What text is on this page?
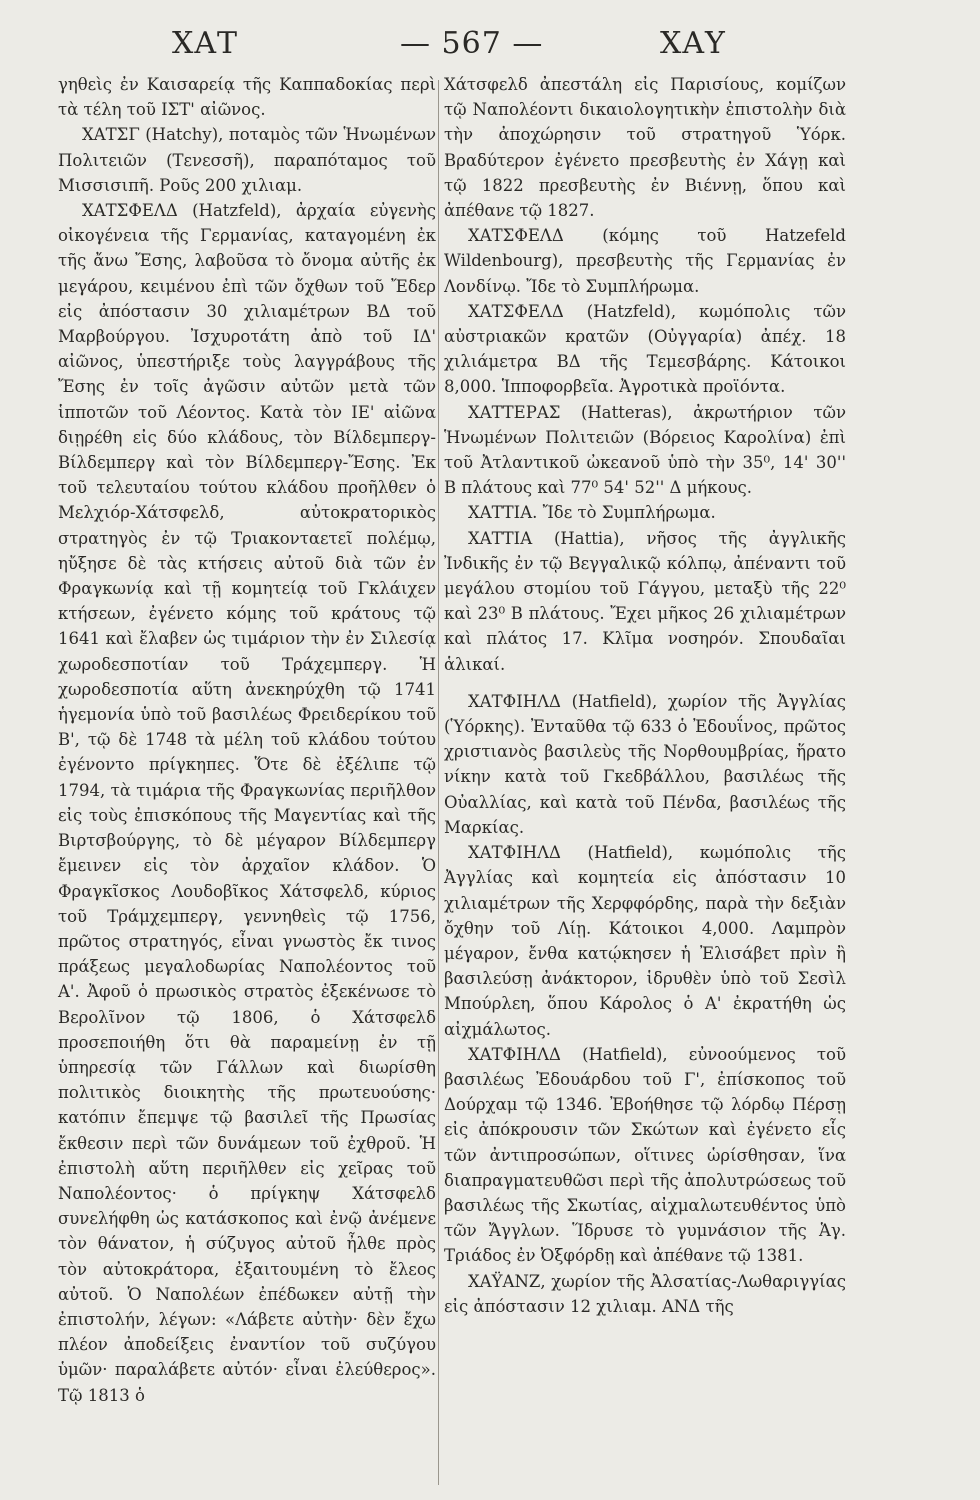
ΧΑΤ	— 567 —	ΧΑΥ

γηθεὶς ἐν Καισαρείᾳ τῆς Καππαδοκίας περὶ τὰ τέλη τοῦ ΙΣΤ' αἰῶνος.

ΧΑΤΣΓ (Hatchy), ποταμὸς τῶν Ἡνωμένων Πολιτειῶν (Τενεσσῆ), παραπόταμος τοῦ Μισσισιπῆ. Ροῦς 200 χιλιαμ.

ΧΑΤΣΦΕΛΔ (Hatzfeld), ἀρχαία εὐγενὴς οἰκογένεια τῆς Γερμανίας, καταγομένη ἐκ τῆς ἄνω Ἔσης, λαβοῦσα τὸ ὄνομα αὐτῆς ἐκ μεγάρου, κειμένου ἐπὶ τῶν ὄχθων τοῦ Ἔδερ εἰς ἀπόστασιν 30 χιλιαμέτρων ΒΔ τοῦ Μαρβούργου. Ἰσχυροτάτη ἀπὸ τοῦ ΙΔ' αἰῶνος, ὑπεστήριξε τοὺς λαγγράβους τῆς Ἔσης ἐν τοῖς ἀγῶσιν αὐτῶν μετὰ τῶν ἱπποτῶν τοῦ Λέοντος. Κατὰ τὸν ΙΕ' αἰῶνα διῃρέθη εἰς δύο κλάδους, τὸν Βίλδεμπεργ-Βίλδεμπεργ καὶ τὸν Βίλδεμπεργ-Ἔσης. Ἐκ τοῦ τελευταίου τούτου κλάδου προῆλθεν ὁ Μελχιόρ-Χάτσφελδ, αὐτοκρατορικὸς στρατηγὸς ἐν τῷ Τριακονταετεῖ πολέμῳ, ηὔξησε δὲ τὰς κτήσεις αὐτοῦ διὰ τῶν ἐν Φραγκωνίᾳ καὶ τῇ κομητείᾳ τοῦ Γκλάιχεν κτήσεων, ἐγένετο κόμης τοῦ κράτους τῷ 1641 καὶ ἔλαβεν ὡς τιμάριον τὴν ἐν Σιλεσίᾳ χωροδεσποτίαν τοῦ Τράχεμπεργ. Ἡ χωροδεσποτία αὕτη ἀνεκηρύχθη τῷ 1741 ἡγεμονία ὑπὸ τοῦ βασιλέως Φρειδερίκου τοῦ Β', τῷ δὲ 1748 τὰ μέλη τοῦ κλάδου τούτου ἐγένοντο πρίγκηπες. Ὅτε δὲ ἐξέλιπε τῷ 1794, τὰ τιμάρια τῆς Φραγκωνίας περιῆλθον εἰς τοὺς ἐπισκόπους τῆς Μαγεντίας καὶ τῆς Βιρτσβούργης, τὸ δὲ μέγαρον Βίλδεμπεργ ἔμεινεν εἰς τὸν ἀρχαῖον κλάδον. Ὁ Φραγκῖσκος Λουδοβῖκος Χάτσφελδ, κύριος τοῦ Τράμχεμπεργ, γεννηθεὶς τῷ 1756, πρῶτος στρατηγός, εἶναι γνωστὸς ἔκ τινος πράξεως μεγαλοδωρίας Ναπολέοντος τοῦ Α'. Ἀφοῦ ὁ πρωσικὸς στρατὸς ἐξεκένωσε τὸ Βερολῖνον τῷ 1806, ὁ Χάτσφελδ προσεποιήθη ὅτι θὰ παραμείνῃ ἐν τῇ ὑπηρεσίᾳ τῶν Γάλλων καὶ διωρίσθη πολιτικὸς διοικητὴς τῆς πρωτευούσης· κατόπιν ἔπεμψε τῷ βασιλεῖ τῆς Πρωσίας ἔκθεσιν περὶ τῶν δυνάμεων τοῦ ἐχθροῦ. Ἡ ἐπιστολὴ αὕτη περιῆλθεν εἰς χεῖρας τοῦ Ναπολέοντος· ὁ πρίγκηψ Χάτσφελδ συνελήφθη ὡς κατάσκοπος καὶ ἐνῷ ἀνέμενε τὸν θάνατον, ἡ σύζυγος αὐτοῦ ἦλθε πρὸς τὸν αὐτοκράτορα, ἐξαιτουμένη τὸ ἔλεος αὐτοῦ. Ὁ Ναπολέων ἐπέδωκεν αὐτῇ τὴν ἐπιστολήν, λέγων: «Λάβετε αὐτὴν· δὲν ἔχω πλέον ἀποδείξεις ἐναντίον τοῦ συζύγου ὑμῶν· παραλάβετε αὐτόν· εἶναι ἐλεύθερος». Τῷ 1813 ὁ

Χάτσφελδ ἀπεστάλη εἰς Παρισίους, κομίζων τῷ Ναπολέοντι δικαιολογητικὴν ἐπιστολὴν διὰ τὴν ἀποχώρησιν τοῦ στρατηγοῦ Ὑόρκ. Βραδύτερον ἐγένετο πρεσβευτὴς ἐν Χάγῃ καὶ τῷ 1822 πρεσβευτὴς ἐν Βιέννῃ, ὅπου καὶ ἀπέθανε τῷ 1827.

ΧΑΤΣΦΕΛΔ (κόμης τοῦ Hatzefeld Wildenbourg), πρεσβευτὴς τῆς Γερμανίας ἐν Λονδίνῳ. Ἴδε τὸ Συμπλήρωμα.

ΧΑΤΣΦΕΛΔ (Hatzfeld), κωμόπολις τῶν αὐστριακῶν κρατῶν (Οὐγγαρία) ἀπέχ. 18 χιλιάμετρα ΒΔ τῆς Τεμεσβάρης. Κάτοικοι 8,000. Ἱπποφορβεῖα. Ἀγροτικὰ προϊόντα.

ΧΑΤΤΕΡΑΣ (Hatteras), ἀκρωτήριον τῶν Ἡνωμένων Πολιτειῶν (Βόρειος Καρολίνα) ἐπὶ τοῦ Ἀτλαντικοῦ ὠκεανοῦ ὑπὸ τὴν 35⁰, 14' 30'' Β πλάτους καὶ 77⁰ 54' 52'' Δ μήκους.

ΧΑΤΤΙΑ. Ἴδε τὸ Συμπλήρωμα.

ΧΑΤΤΙΑ (Hattia), νῆσος τῆς ἀγγλικῆς Ἰνδικῆς ἐν τῷ Βεγγαλικῷ κόλπῳ, ἀπέναντι τοῦ μεγάλου στομίου τοῦ Γάγγου, μεταξὺ τῆς 22⁰ καὶ 23⁰ Β πλάτους. Ἔχει μῆκος 26 χιλιαμέτρων καὶ πλάτος 17. Κλῖμα νοσηρόν. Σπουδαῖαι ἁλικαί.

ΧΑΤΦΙΗΛΔ (Hatfield), χωρίον τῆς Ἀγγλίας (Ὑόρκης). Ἐνταῦθα τῷ 633 ὁ Ἐδουΐνος, πρῶτος χριστιανὸς βασιλεὺς τῆς Νορθουμβρίας, ἥρατο νίκην κατὰ τοῦ Γκεδβάλλου, βασιλέως τῆς Οὐαλλίας, καὶ κατὰ τοῦ Πένδα, βασιλέως τῆς Μαρκίας.

ΧΑΤΦΙΗΛΔ (Hatfield), κωμόπολις τῆς Ἀγγλίας καὶ κομητεία εἰς ἀπόστασιν 10 χιλιαμέτρων τῆς Χερφφόρδης, παρὰ τὴν δεξιὰν ὄχθην τοῦ Λίῃ. Κάτοικοι 4,000. Λαμπρὸν μέγαρον, ἔνθα κατῴκησεν ἡ Ἐλισάβετ πρὶν ἢ βασιλεύσῃ ἀνάκτορον, ἱδρυθὲν ὑπὸ τοῦ Σεσὶλ Μπούρλεη, ὅπου Κάρολος ὁ Α' ἐκρατήθη ὡς αἰχμάλωτος.

ΧΑΤΦΙΗΛΔ (Hatfield), εὐνοούμενος τοῦ βασιλέως Ἐδουάρδου τοῦ Γ', ἐπίσκοπος τοῦ Δούρχαμ τῷ 1346. Ἐβοήθησε τῷ λόρδῳ Πέρσῃ εἰς ἀπόκρουσιν τῶν Σκώτων καὶ ἐγένετο εἷς τῶν ἀντιπροσώπων, οἵτινες ὡρίσθησαν, ἵνα διαπραγματευθῶσι περὶ τῆς ἀπολυτρώσεως τοῦ βασιλέως τῆς Σκωτίας, αἰχμαλωτευθέντος ὑπὸ τῶν Ἄγγλων. Ἵδρυσε τὸ γυμνάσιον τῆς Ἁγ. Τριάδος ἐν Ὀξφόρδῃ καὶ ἀπέθανε τῷ 1381.

ΧΑΫΑΝΖ, χωρίον τῆς Ἀλσατίας-Λωθαριγγίας εἰς ἀπόστασιν 12 χιλιαμ. ΑΝΔ τῆς
